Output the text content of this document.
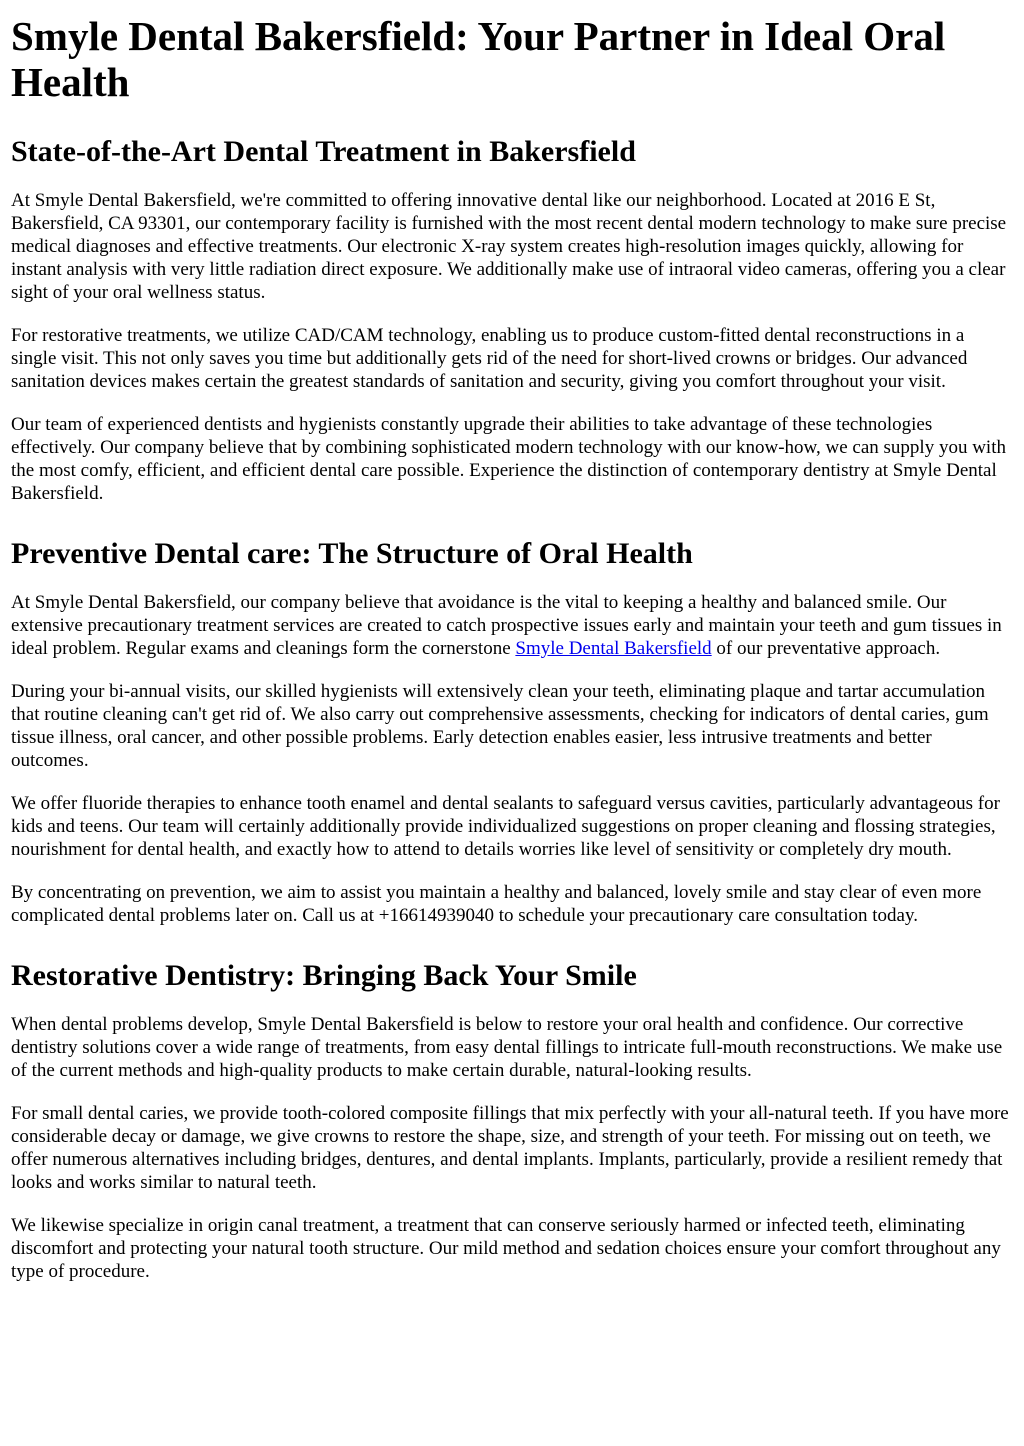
Smyle Dental Bakersfield: Your Partner in Ideal Oral Health
State-of-the-Art Dental Treatment in Bakersfield

At Smyle Dental Bakersfield, we're committed to offering innovative dental like our neighborhood. Located at 2016 E St, Bakersfield, CA 93301, our contemporary facility is furnished with the most recent dental modern technology to make sure precise medical diagnoses and effective treatments. Our electronic X-ray system creates high-resolution images quickly, allowing for instant analysis with very little radiation direct exposure. We additionally make use of intraoral video cameras, offering you a clear sight of your oral wellness status.

For restorative treatments, we utilize CAD/CAM technology, enabling us to produce custom-fitted dental reconstructions in a single visit. This not only saves you time but additionally gets rid of the need for short-lived crowns or bridges. Our advanced sanitation devices makes certain the greatest standards of sanitation and security, giving you comfort throughout your visit.

Our team of experienced dentists and hygienists constantly upgrade their abilities to take advantage of these technologies effectively. Our company believe that by combining sophisticated modern technology with our know-how, we can supply you with the most comfy, efficient, and efficient dental care possible. Experience the distinction of contemporary dentistry at Smyle Dental Bakersfield.

Preventive Dental care: The Structure of Oral Health

At Smyle Dental Bakersfield, our company believe that avoidance is the vital to keeping a healthy and balanced smile. Our extensive precautionary treatment services are created to catch prospective issues early and maintain your teeth and gum tissues in ideal problem. Regular exams and cleanings form the cornerstone Smyle Dental Bakersfield of our preventative approach.

During your bi-annual visits, our skilled hygienists will extensively clean your teeth, eliminating plaque and tartar accumulation that routine cleaning can't get rid of. We also carry out comprehensive assessments, checking for indicators of dental caries, gum tissue illness, oral cancer, and other possible problems. Early detection enables easier, less intrusive treatments and better outcomes.

We offer fluoride therapies to enhance tooth enamel and dental sealants to safeguard versus cavities, particularly advantageous for kids and teens. Our team will certainly additionally provide individualized suggestions on proper cleaning and flossing strategies, nourishment for dental health, and exactly how to attend to details worries like level of sensitivity or completely dry mouth.

By concentrating on prevention, we aim to assist you maintain a healthy and balanced, lovely smile and stay clear of even more complicated dental problems later on. Call us at +16614939040 to schedule your precautionary care consultation today.

Restorative Dentistry: Bringing Back Your Smile

When dental problems develop, Smyle Dental Bakersfield is below to restore your oral health and confidence. Our corrective dentistry solutions cover a wide range of treatments, from easy dental fillings to intricate full-mouth reconstructions. We make use of the current methods and high-quality products to make certain durable, natural-looking results.

For small dental caries, we provide tooth-colored composite fillings that mix perfectly with your all-natural teeth. If you have more considerable decay or damage, we give crowns to restore the shape, size, and strength of your teeth. For missing out on teeth, we offer numerous alternatives including bridges, dentures, and dental implants. Implants, particularly, provide a resilient remedy that looks and works similar to natural teeth.

We likewise specialize in origin canal treatment, a treatment that can conserve seriously harmed or infected teeth, eliminating discomfort and protecting your natural tooth structure. Our mild method and sedation choices ensure your comfort throughout any type of procedure.
